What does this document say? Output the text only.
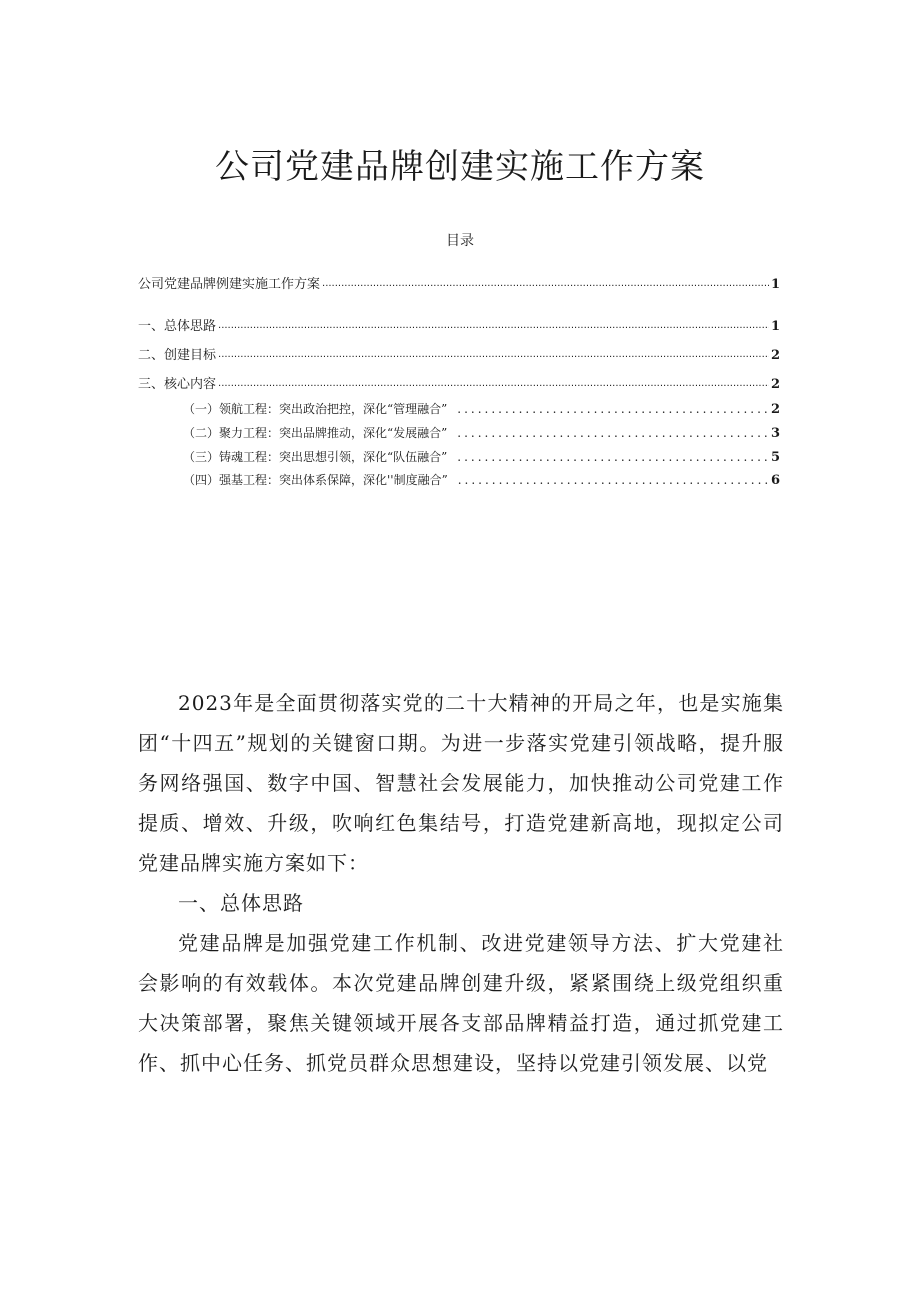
公司党建品牌创建实施工作方案
目录
公司党建品牌例建实施工作方案 .....	1
一、总体思路 .....	1
二、创建目标 .....	2
三、核心内容 .....	2
（一）领航工程：突出政治把控，深化“管理融合” .....	2
（二）聚力工程：突出品牌推动，深化“发展融合” .....	3
（三）铸魂工程：突出思想引领，深化“队伍融合” .....	5
（四）强基工程：突出体系保障，深化''制度融合” .....	6

2023年是全面贯彻落实党的二十大精神的开局之年，也是实施集团“十四五”规划的关键窗口期。为进一步落实党建引领战略，提升服务网络强国、数字中国、智慧社会发展能力，加快推动公司党建工作提质、增效、升级，吹响红色集结号，打造党建新高地，现拟定公司党建品牌实施方案如下：

一、总体思路

党建品牌是加强党建工作机制、改进党建领导方法、扩大党建社会影响的有效载体。本次党建品牌创建升级，紧紧围绕上级党组织重大决策部署，聚焦关键领域开展各支部品牌精益打造，通过抓党建工作、抓中心任务、抓党员群众思想建设，坚持以党建引领发展、以党
